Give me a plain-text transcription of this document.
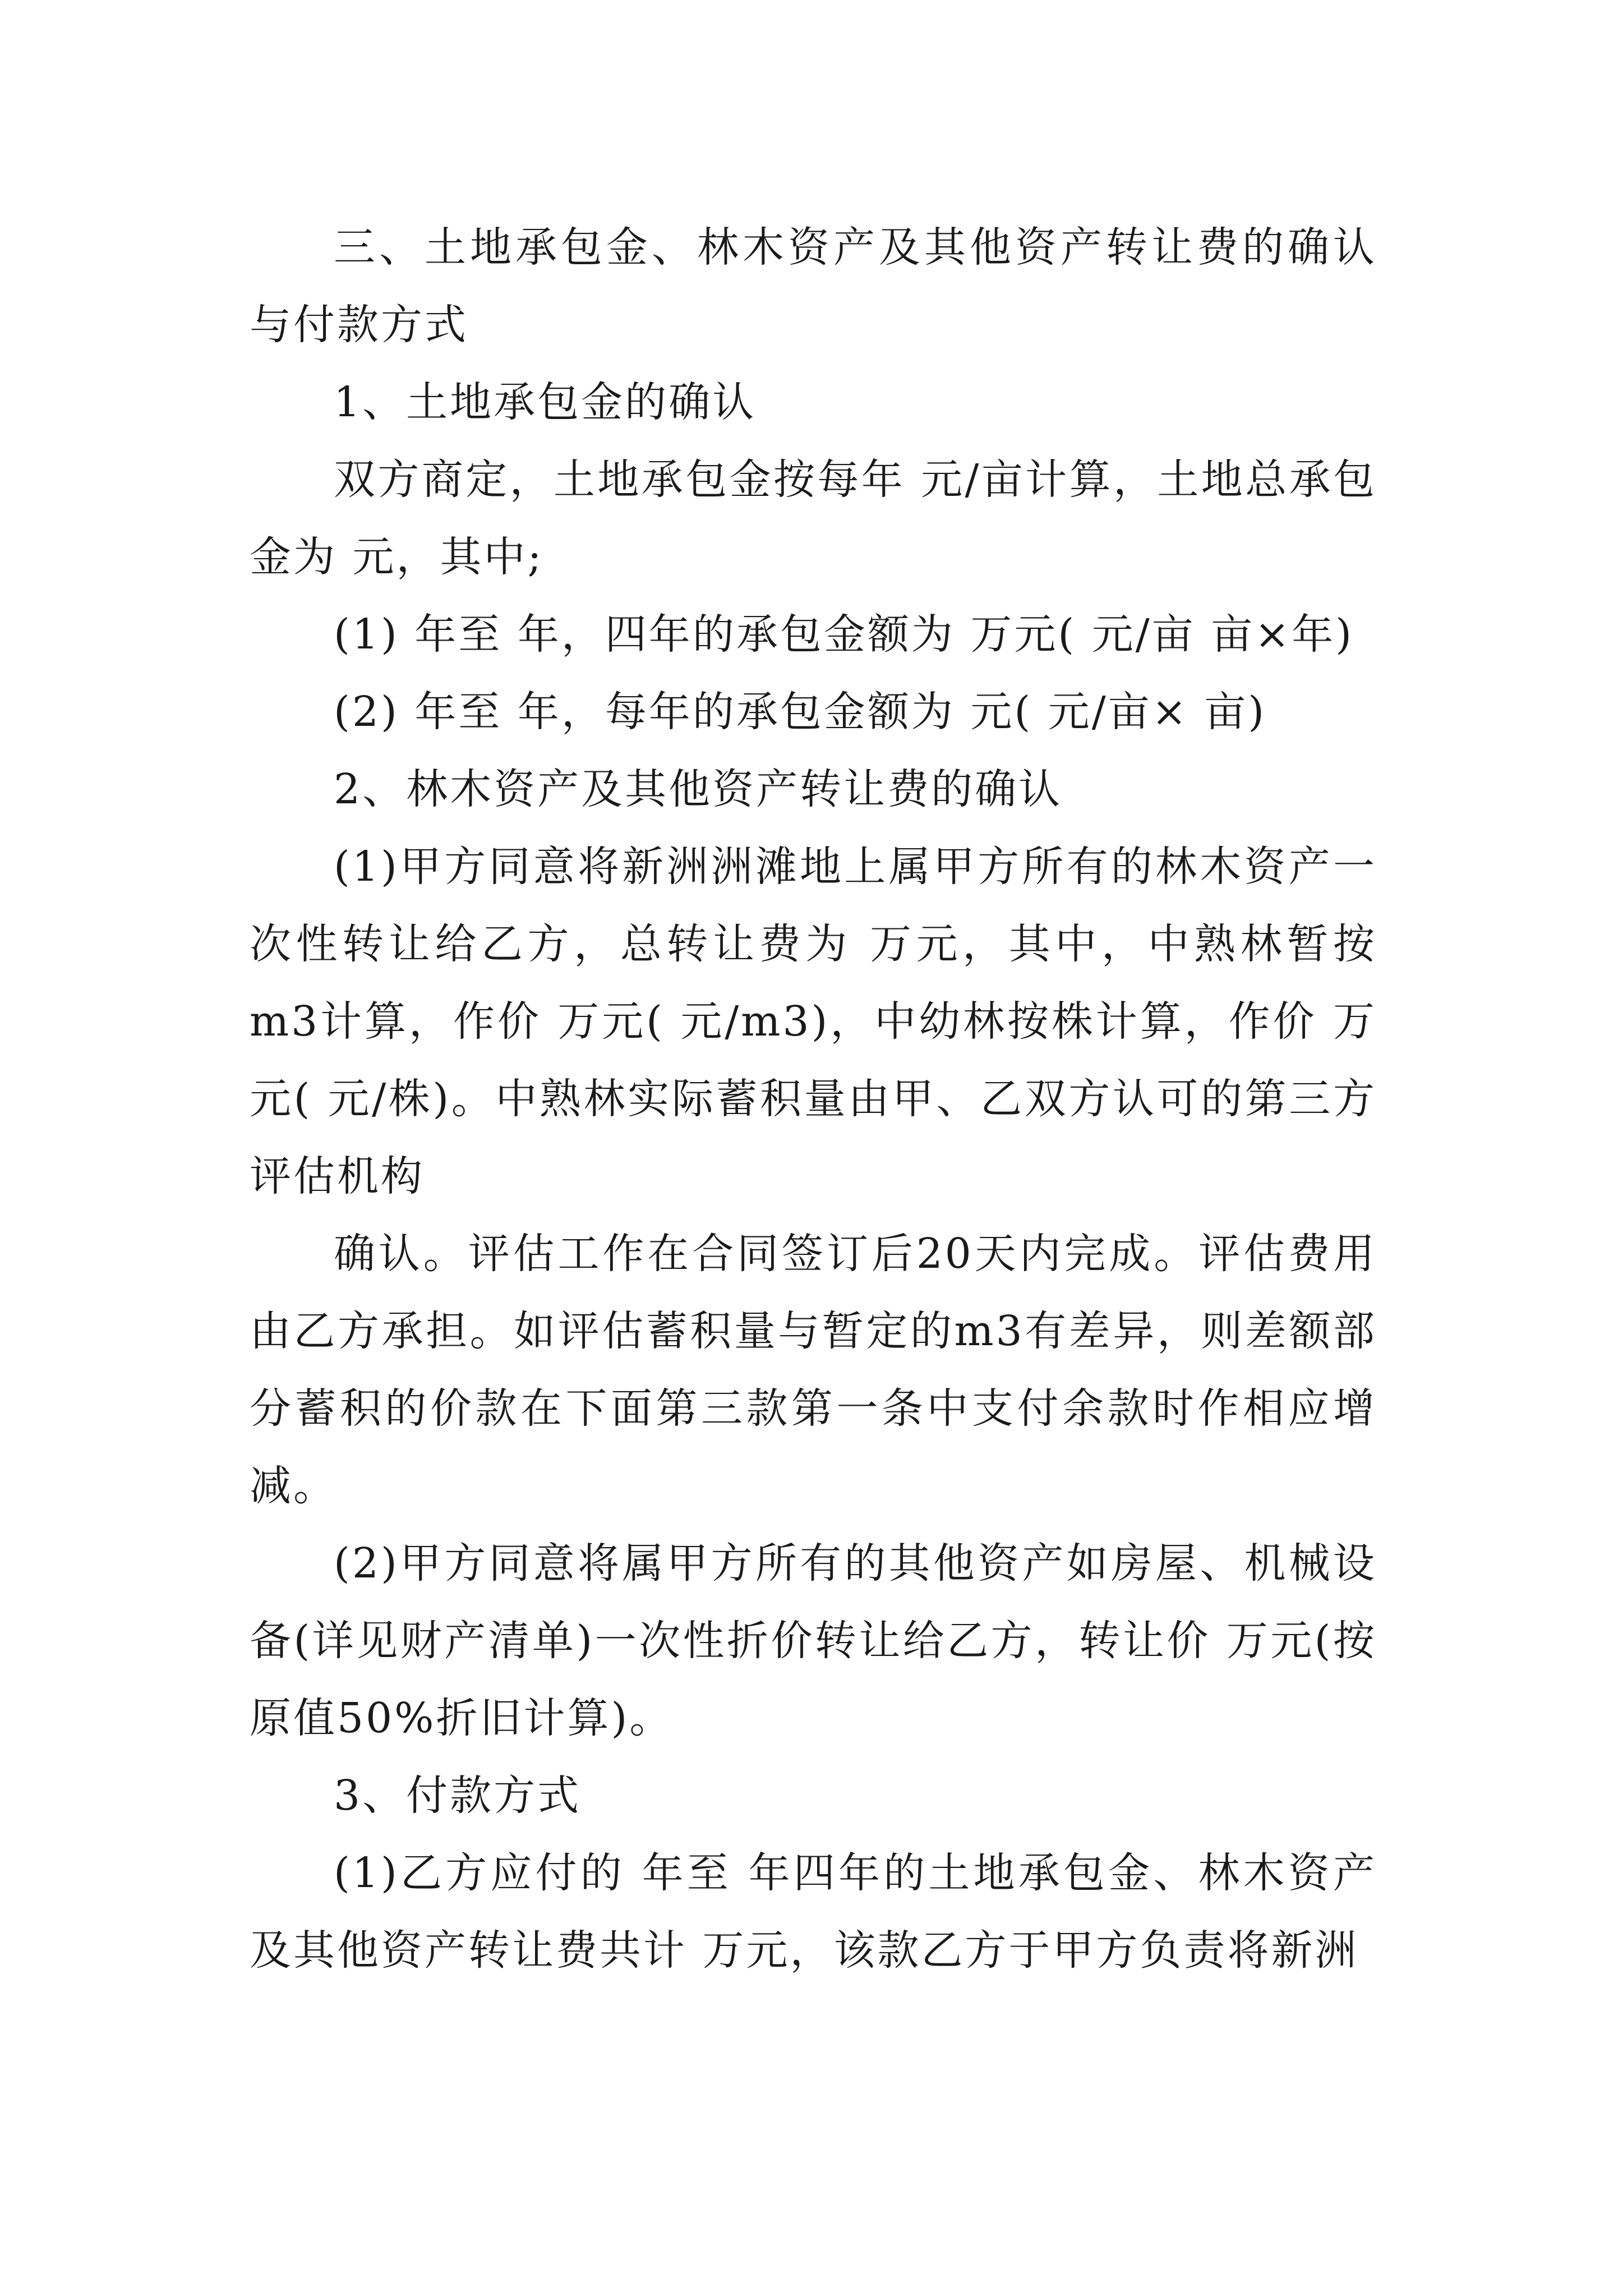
三、土地承包金、林木资产及其他资产转让费的确认与付款方式

1、土地承包金的确认

双方商定，土地承包金按每年 元/亩计算，土地总承包金为 元，其中;

(1) 年至 年，四年的承包金额为 万元( 元/亩 亩×年)

(2) 年至 年，每年的承包金额为 元( 元/亩× 亩)

2、林木资产及其他资产转让费的确认

(1)甲方同意将新洲洲滩地上属甲方所有的林木资产一次性转让给乙方，总转让费为 万元，其中，中熟林暂按 m3计算，作价 万元( 元/m3)，中幼林按株计算，作价 万元( 元/株)。中熟林实际蓄积量由甲、乙双方认可的第三方评估机构

确认。评估工作在合同签订后20天内完成。评估费用由乙方承担。如评估蓄积量与暂定的m3有差异，则差额部分蓄积的价款在下面第三款第一条中支付余款时作相应增减。

(2)甲方同意将属甲方所有的其他资产如房屋、机械设备(详见财产清单)一次性折价转让给乙方，转让价 万元(按原值50%折旧计算)。

3、付款方式

(1)乙方应付的 年至 年四年的土地承包金、林木资产及其他资产转让费共计 万元，该款乙方于甲方负责将新洲
